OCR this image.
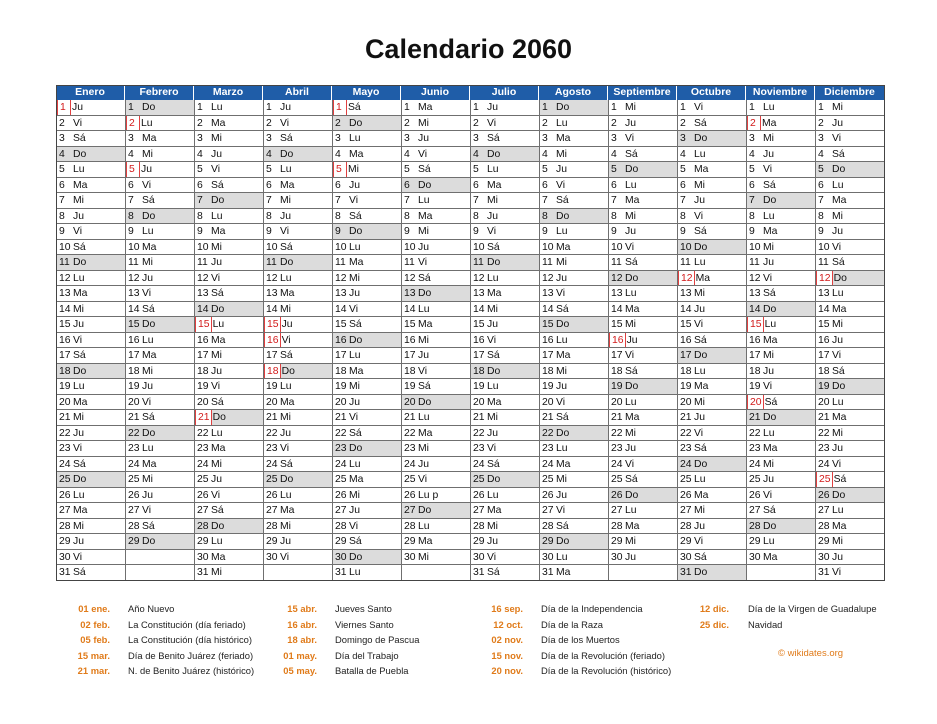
Calendario 2060
Enero
1 Ju
2 Vi
3 Sá
4 Do
5 Lu
6 Ma
7 Mi
8 Ju
9 Vi
10 Sá
11 Do
12 Lu
13 Ma
14 Mi
15 Ju
16 Vi
17 Sá
18 Do
19 Lu
20 Ma
21 Mi
22 Ju
23 Vi
24 Sá
25 Do
26 Lu
27 Ma
28 Mi
29 Ju
30 Vi
31 Sá
Febrero
1 Do
2 Lu
3 Ma
4 Mi
5 Ju
6 Vi
7 Sá
8 Do
9 Lu
10 Ma
11 Mi
12 Ju
13 Vi
14 Sá
15 Do
16 Lu
17 Ma
18 Mi
19 Ju
20 Vi
21 Sá
22 Do
23 Lu
24 Ma
25 Mi
26 Ju
27 Vi
28 Sá
29 Do
Marzo
1 Lu
2 Ma
3 Mi
4 Ju
5 Vi
6 Sá
7 Do
8 Lu
9 Ma
10 Mi
11 Ju
12 Vi
13 Sá
14 Do
15 Lu
16 Ma
17 Mi
18 Ju
19 Vi
20 Sá
21 Do
22 Lu
23 Ma
24 Mi
25 Ju
26 Vi
27 Sá
28 Do
29 Lu
30 Ma
31 Mi
Abril
1 Ju
2 Vi
3 Sá
4 Do
5 Lu
6 Ma
7 Mi
8 Ju
9 Vi
10 Sá
11 Do
12 Lu
13 Ma
14 Mi
15 Ju
16 Vi
17 Sá
18 Do
19 Lu
20 Ma
21 Mi
22 Ju
23 Vi
24 Sá
25 Do
26 Lu
27 Ma
28 Mi
29 Ju
30 Vi
Mayo
1 Sá
2 Do
3 Lu
4 Ma
5 Mi
6 Ju
7 Vi
8 Sá
9 Do
10 Lu
11 Ma
12 Mi
13 Ju
14 Vi
15 Sá
16 Do
17 Lu
18 Ma
19 Mi
20 Ju
21 Vi
22 Sá
23 Do
24 Lu
25 Ma
26 Mi
27 Ju
28 Vi
29 Sá
30 Do
31 Lu
Junio
1 Ma
2 Mi
3 Ju
4 Vi
5 Sá
6 Do
7 Lu
8 Ma
9 Mi
10 Ju
11 Vi
12 Sá
13 Do
14 Lu
15 Ma
16 Mi
17 Ju
18 Vi
19 Sá
20 Do
21 Lu
22 Ma
23 Mi
24 Ju
25 Vi
26 Lu p
27 Do
28 Lu
29 Ma
30 Mi
Julio
1 Ju
2 Vi
3 Sá
4 Do
5 Lu
6 Ma
7 Mi
8 Ju
9 Vi
10 Sá
11 Do
12 Lu
13 Ma
14 Mi
15 Ju
16 Vi
17 Sá
18 Do
19 Lu
20 Ma
21 Mi
22 Ju
23 Vi
24 Sá
25 Do
26 Lu
27 Ma
28 Mi
29 Ju
30 Vi
31 Sá
Agosto
1 Do
2 Lu
3 Ma
4 Mi
5 Ju
6 Vi
7 Sá
8 Do
9 Lu
10 Ma
11 Mi
12 Ju
13 Vi
14 Sá
15 Do
16 Lu
17 Ma
18 Mi
19 Ju
20 Vi
21 Sá
22 Do
23 Lu
24 Ma
25 Mi
26 Ju
27 Vi
28 Sá
29 Do
30 Lu
31 Ma
Septiembre
1 Mi
2 Ju
3 Vi
4 Sá
5 Do
6 Lu
7 Ma
8 Mi
9 Ju
10 Vi
11 Sá
12 Do
13 Lu
14 Ma
15 Mi
16 Ju
17 Vi
18 Sá
19 Do
20 Lu
21 Ma
22 Mi
23 Ju
24 Vi
25 Sá
26 Do
27 Lu
28 Ma
29 Mi
30 Ju
Octubre
1 Vi
2 Sá
3 Do
4 Lu
5 Ma
6 Mi
7 Ju
8 Vi
9 Sá
10 Do
11 Lu
12 Ma
13 Mi
14 Ju
15 Vi
16 Sá
17 Do
18 Lu
19 Ma
20 Mi
21 Ju
22 Vi
23 Sá
24 Do
25 Lu
26 Ma
27 Mi
28 Ju
29 Vi
30 Sá
31 Do
Noviembre
1 Lu
2 Ma
3 Mi
4 Ju
5 Vi
6 Sá
7 Do
8 Lu
9 Ma
10 Mi
11 Ju
12 Vi
13 Sá
14 Do
15 Lu
16 Ma
17 Mi
18 Ju
19 Vi
20 Sá
21 Do
22 Lu
23 Ma
24 Mi
25 Ju
26 Vi
27 Sá
28 Do
29 Lu
30 Ma
Diciembre
1 Mi
2 Ju
3 Vi
4 Sá
5 Do
6 Lu
7 Ma
8 Mi
9 Ju
10 Vi
11 Sá
12 Do
13 Lu
14 Ma
15 Mi
16 Ju
17 Vi
18 Sá
19 Do
20 Lu
21 Ma
22 Mi
23 Ju
24 Vi
25 Sá
26 Do
27 Lu
28 Ma
29 Mi
30 Ju
31 Vi
01 ene. Año Nuevo
02 feb. La Constitución (día feriado)
05 feb. La Constitución (día histórico)
15 mar. Día de Benito Juárez (feriado)
21 mar. N. de Benito Juárez (histórico)
15 abr. Jueves Santo
16 abr. Viernes Santo
18 abr. Domingo de Pascua
01 may. Día del Trabajo
05 may. Batalla de Puebla
16 sep. Día de la Independencia
12 oct. Día de la Raza
02 nov. Día de los Muertos
15 nov. Día de la Revolución (feriado)
20 nov. Día de la Revolución (histórico)
12 dic. Día de la Virgen de Guadalupe
25 dic. Navidad
© wikidates.org
